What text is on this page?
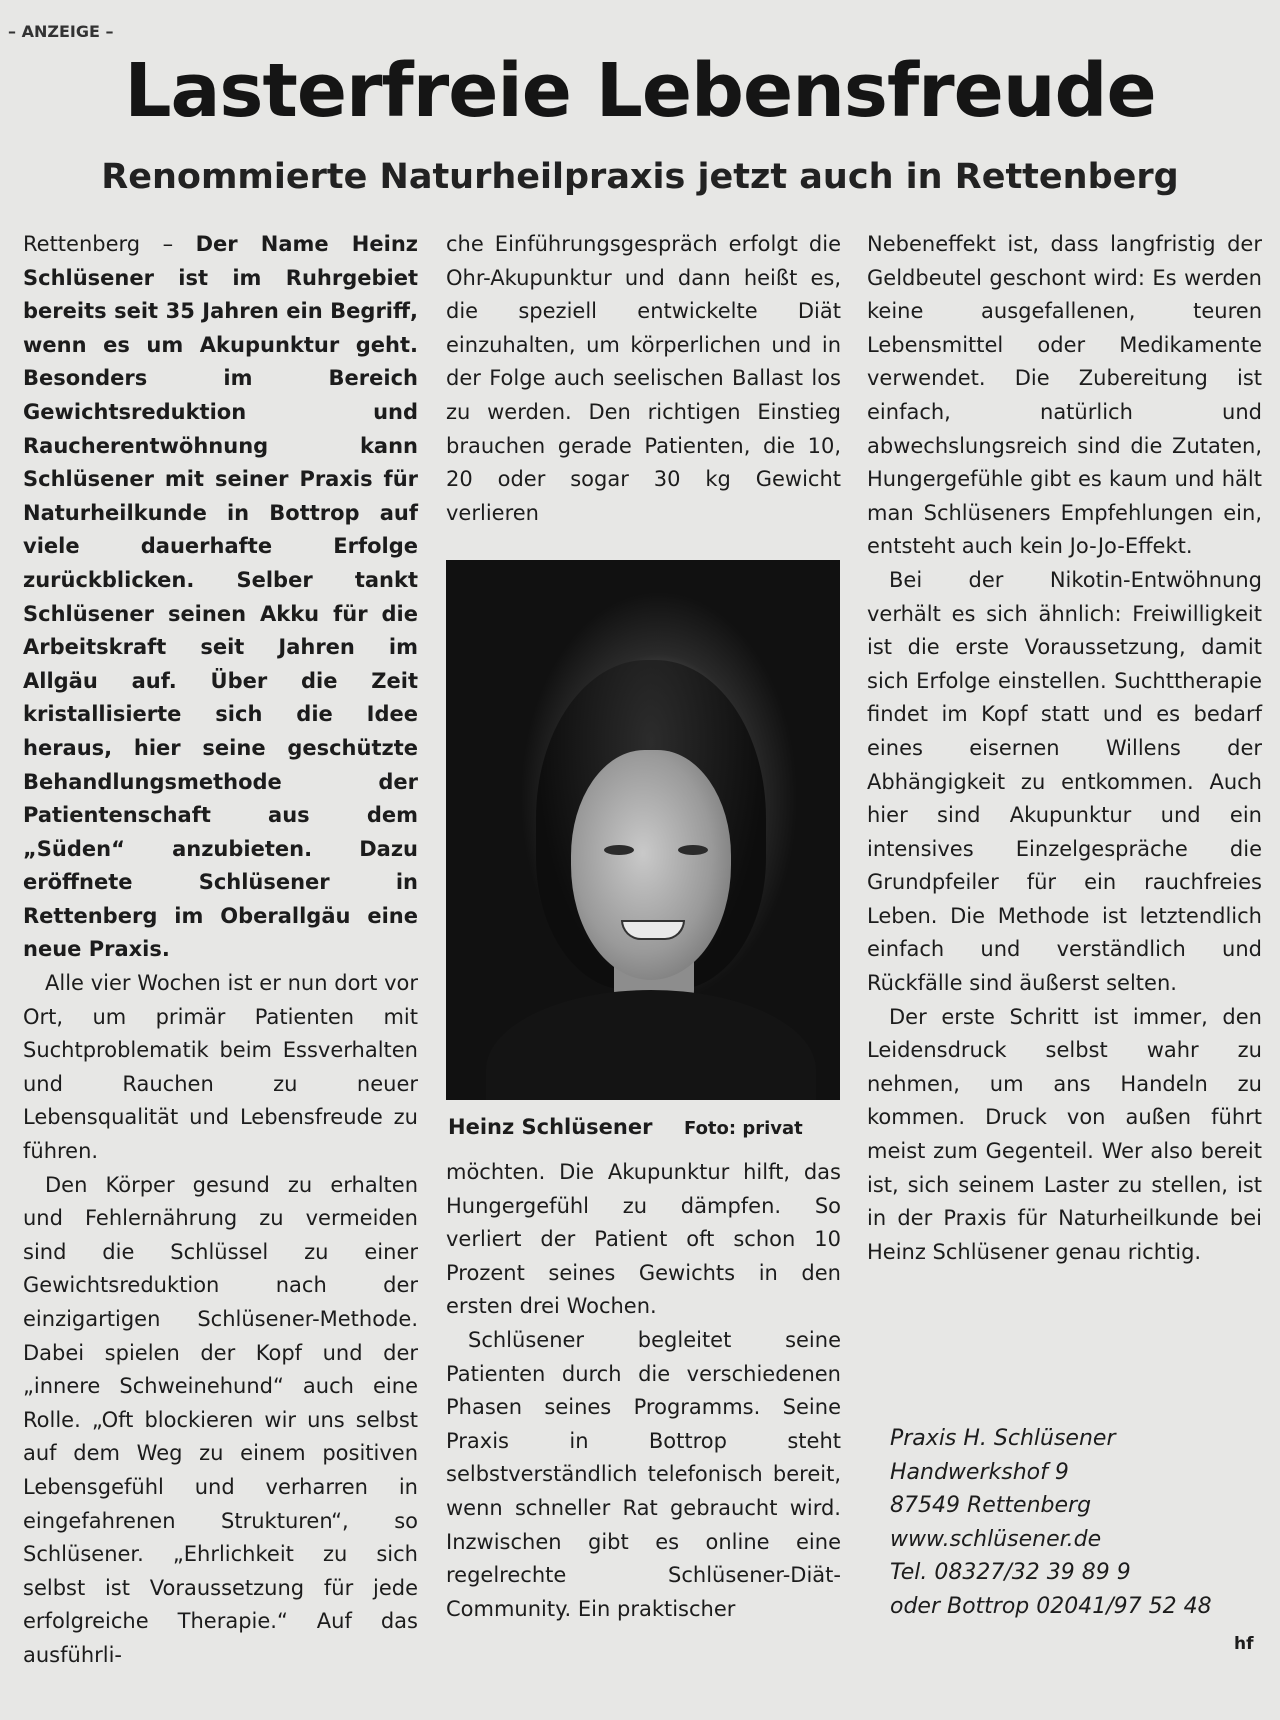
– ANZEIGE –
Lasterfreie Lebensfreude
Renommierte Naturheilpraxis jetzt auch in Rettenberg

Rettenberg – Der Name Heinz Schlüsener ist im Ruhrgebiet bereits seit 35 Jahren ein Begriff, wenn es um Akupunktur geht. Besonders im Bereich Gewichtsreduktion und Raucherentwöhnung kann Schlüsener mit seiner Praxis für Naturheilkunde in Bottrop auf viele dauerhafte Erfolge zurückblicken. Selber tankt Schlüsener seinen Akku für die Arbeitskraft seit Jahren im Allgäu auf. Über die Zeit kristallisierte sich die Idee heraus, hier seine geschützte Behandlungsmethode der Patientenschaft aus dem „Süden“ anzubieten. Dazu eröffnete Schlüsener in Rettenberg im Oberallgäu eine neue Praxis.

Alle vier Wochen ist er nun dort vor Ort, um primär Patienten mit Suchtproblematik beim Essverhalten und Rauchen zu neuer Lebensqualität und Lebensfreude zu führen.

Den Körper gesund zu erhalten und Fehlernährung zu vermeiden sind die Schlüssel zu einer Gewichtsreduktion nach der einzigartigen Schlüsener-Methode. Dabei spielen der Kopf und der „innere Schweinehund“ auch eine Rolle. „Oft blockieren wir uns selbst auf dem Weg zu einem positiven Lebensgefühl und verharren in eingefahrenen Strukturen“, so Schlüsener. „Ehrlichkeit zu sich selbst ist Voraussetzung für jede erfolgreiche Therapie.“ Auf das ausführli-

che Einführungsgespräch erfolgt die Ohr-Akupunktur und dann heißt es, die speziell entwickelte Diät einzuhalten, um körperlichen und in der Folge auch seelischen Ballast los zu werden. Den richtigen Einstieg brauchen gerade Patienten, die 10, 20 oder sogar 30 kg Gewicht verlieren

Heinz Schlüsener Foto: privat

möchten. Die Akupunktur hilft, das Hungergefühl zu dämpfen. So verliert der Patient oft schon 10 Prozent seines Gewichts in den ersten drei Wochen.

Schlüsener begleitet seine Patienten durch die verschiedenen Phasen seines Programms. Seine Praxis in Bottrop steht selbstverständlich telefonisch bereit, wenn schneller Rat gebraucht wird. Inzwischen gibt es online eine regelrechte Schlüsener-Diät-Community. Ein praktischer

Nebeneffekt ist, dass langfristig der Geldbeutel geschont wird: Es werden keine ausgefallenen, teuren Lebensmittel oder Medikamente verwendet. Die Zubereitung ist einfach, natürlich und abwechslungsreich sind die Zutaten, Hungergefühle gibt es kaum und hält man Schlüseners Empfehlungen ein, entsteht auch kein Jo-Jo-Effekt.

Bei der Nikotin-Entwöhnung verhält es sich ähnlich: Freiwilligkeit ist die erste Voraussetzung, damit sich Erfolge einstellen. Suchttherapie findet im Kopf statt und es bedarf eines eisernen Willens der Abhängigkeit zu entkommen. Auch hier sind Akupunktur und ein intensives Einzelgespräche die Grundpfeiler für ein rauchfreies Leben. Die Methode ist letztendlich einfach und verständlich und Rückfälle sind äußerst selten.

Der erste Schritt ist immer, den Leidensdruck selbst wahr zu nehmen, um ans Handeln zu kommen. Druck von außen führt meist zum Gegenteil. Wer also bereit ist, sich seinem Laster zu stellen, ist in der Praxis für Naturheilkunde bei Heinz Schlüsener genau richtig.

Praxis H. Schlüsener
Handwerkshof 9
87549 Rettenberg
www.schlüsener.de
Tel. 08327/32 39 89 9
oder Bottrop 02041/97 52 48
hf
